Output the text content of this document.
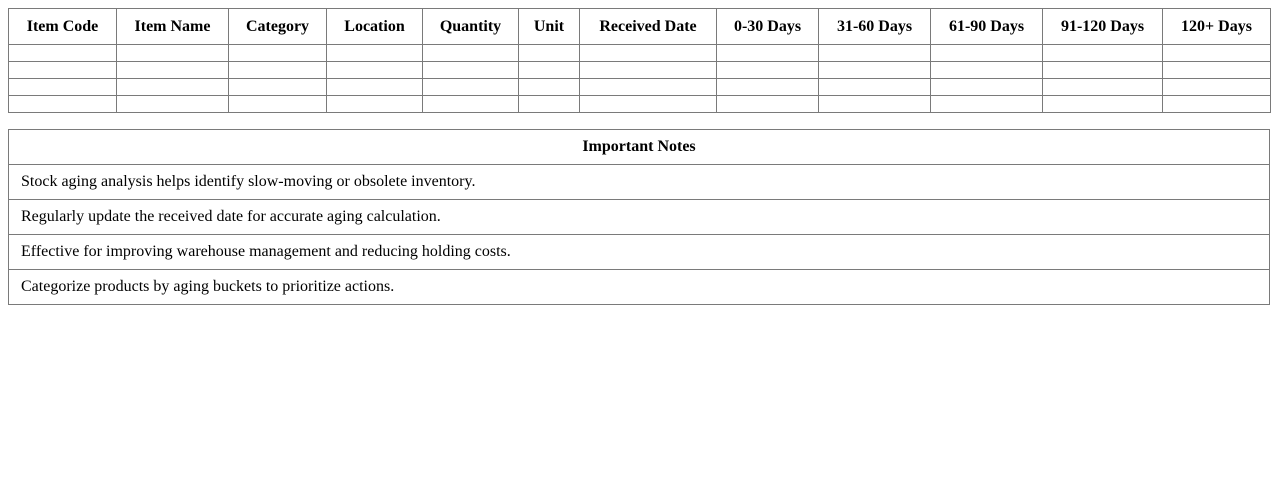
Item Code	Item Name	Category	Location	Quantity	Unit	Received Date	0-30 Days	31-60 Days	61-90 Days	91-120 Days	120+ Days

Important Notes
Stock aging analysis helps identify slow-moving or obsolete inventory.
Regularly update the received date for accurate aging calculation.
Effective for improving warehouse management and reducing holding costs.
Categorize products by aging buckets to prioritize actions.
